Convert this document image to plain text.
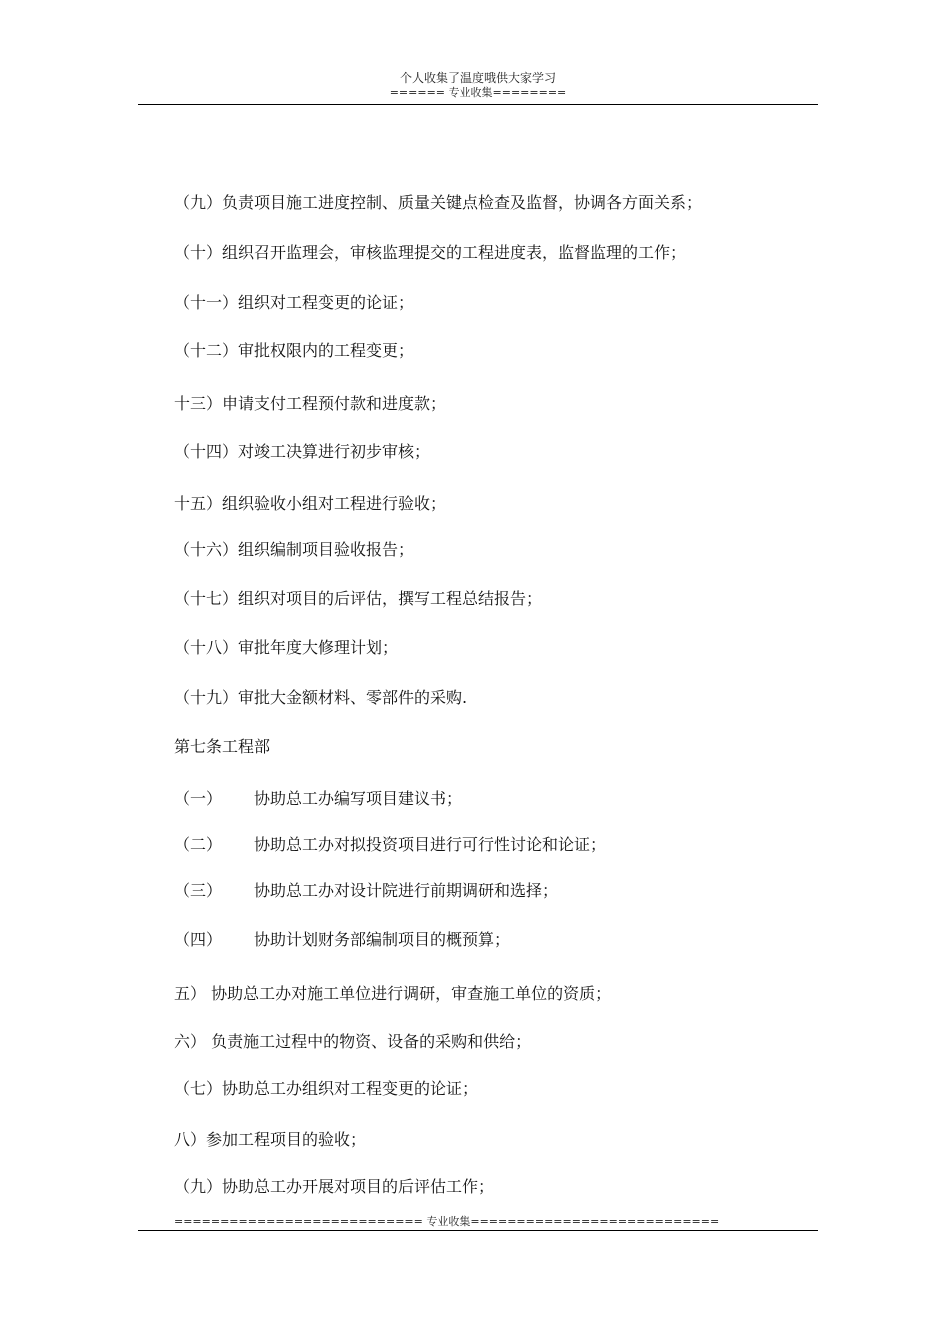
个人收集了温度哦供大家学习
====== 专业收集========
（九）负责项目施工进度控制、质量关键点检查及监督，协调各方面关系；
（十）组织召开监理会，审核监理提交的工程进度表，监督监理的工作；
（十一）组织对工程变更的论证；
（十二）审批权限内的工程变更；
十三）申请支付工程预付款和进度款；
（十四）对竣工决算进行初步审核；
十五）组织验收小组对工程进行验收；
（十六）组织编制项目验收报告；
（十七）组织对项目的后评估，撰写工程总结报告；
（十八）审批年度大修理计划；
（十九）审批大金额材料、零部件的采购.
第七条工程部
（一） 协助总工办编写项目建议书；
（二） 协助总工办对拟投资项目进行可行性讨论和论证；
（三） 协助总工办对设计院进行前期调研和选择；
（四） 协助计划财务部编制项目的概预算；
五） 协助总工办对施工单位进行调研，审查施工单位的资质；
六） 负责施工过程中的物资、设备的采购和供给；
（七）协助总工办组织对工程变更的论证；
八）参加工程项目的验收；
（九）协助总工办开展对项目的后评估工作；
=========================== 专业收集===========================
